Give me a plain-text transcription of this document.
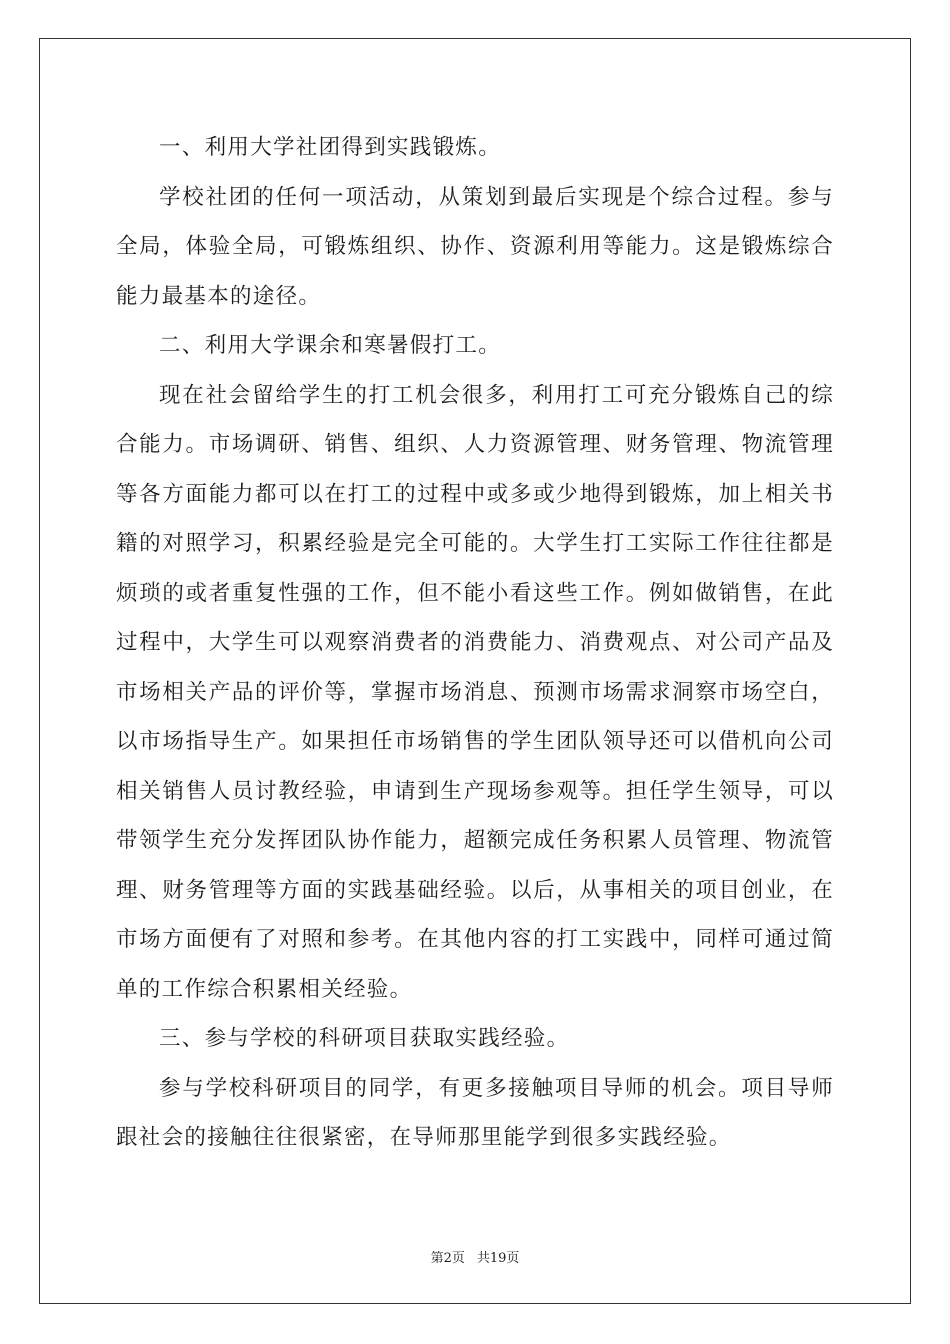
一、利用大学社团得到实践锻炼。

学校社团的任何一项活动，从策划到最后实现是个综合过程。参与全局，体验全局，可锻炼组织、协作、资源利用等能力。这是锻炼综合能力最基本的途径。

二、利用大学课余和寒暑假打工。

现在社会留给学生的打工机会很多，利用打工可充分锻炼自己的综合能力。市场调研、销售、组织、人力资源管理、财务管理、物流管理等各方面能力都可以在打工的过程中或多或少地得到锻炼，加上相关书籍的对照学习，积累经验是完全可能的。大学生打工实际工作往往都是烦琐的或者重复性强的工作，但不能小看这些工作。例如做销售，在此过程中，大学生可以观察消费者的消费能力、消费观点、对公司产品及市场相关产品的评价等，掌握市场消息、预测市场需求洞察市场空白，以市场指导生产。如果担任市场销售的学生团队领导还可以借机向公司相关销售人员讨教经验，申请到生产现场参观等。担任学生领导，可以带领学生充分发挥团队协作能力，超额完成任务积累人员管理、物流管理、财务管理等方面的实践基础经验。以后，从事相关的项目创业，在市场方面便有了对照和参考。在其他内容的打工实践中，同样可通过简单的工作综合积累相关经验。

三、参与学校的科研项目获取实践经验。

参与学校科研项目的同学，有更多接触项目导师的机会。项目导师跟社会的接触往往很紧密，在导师那里能学到很多实践经验。

第2页 共19页
